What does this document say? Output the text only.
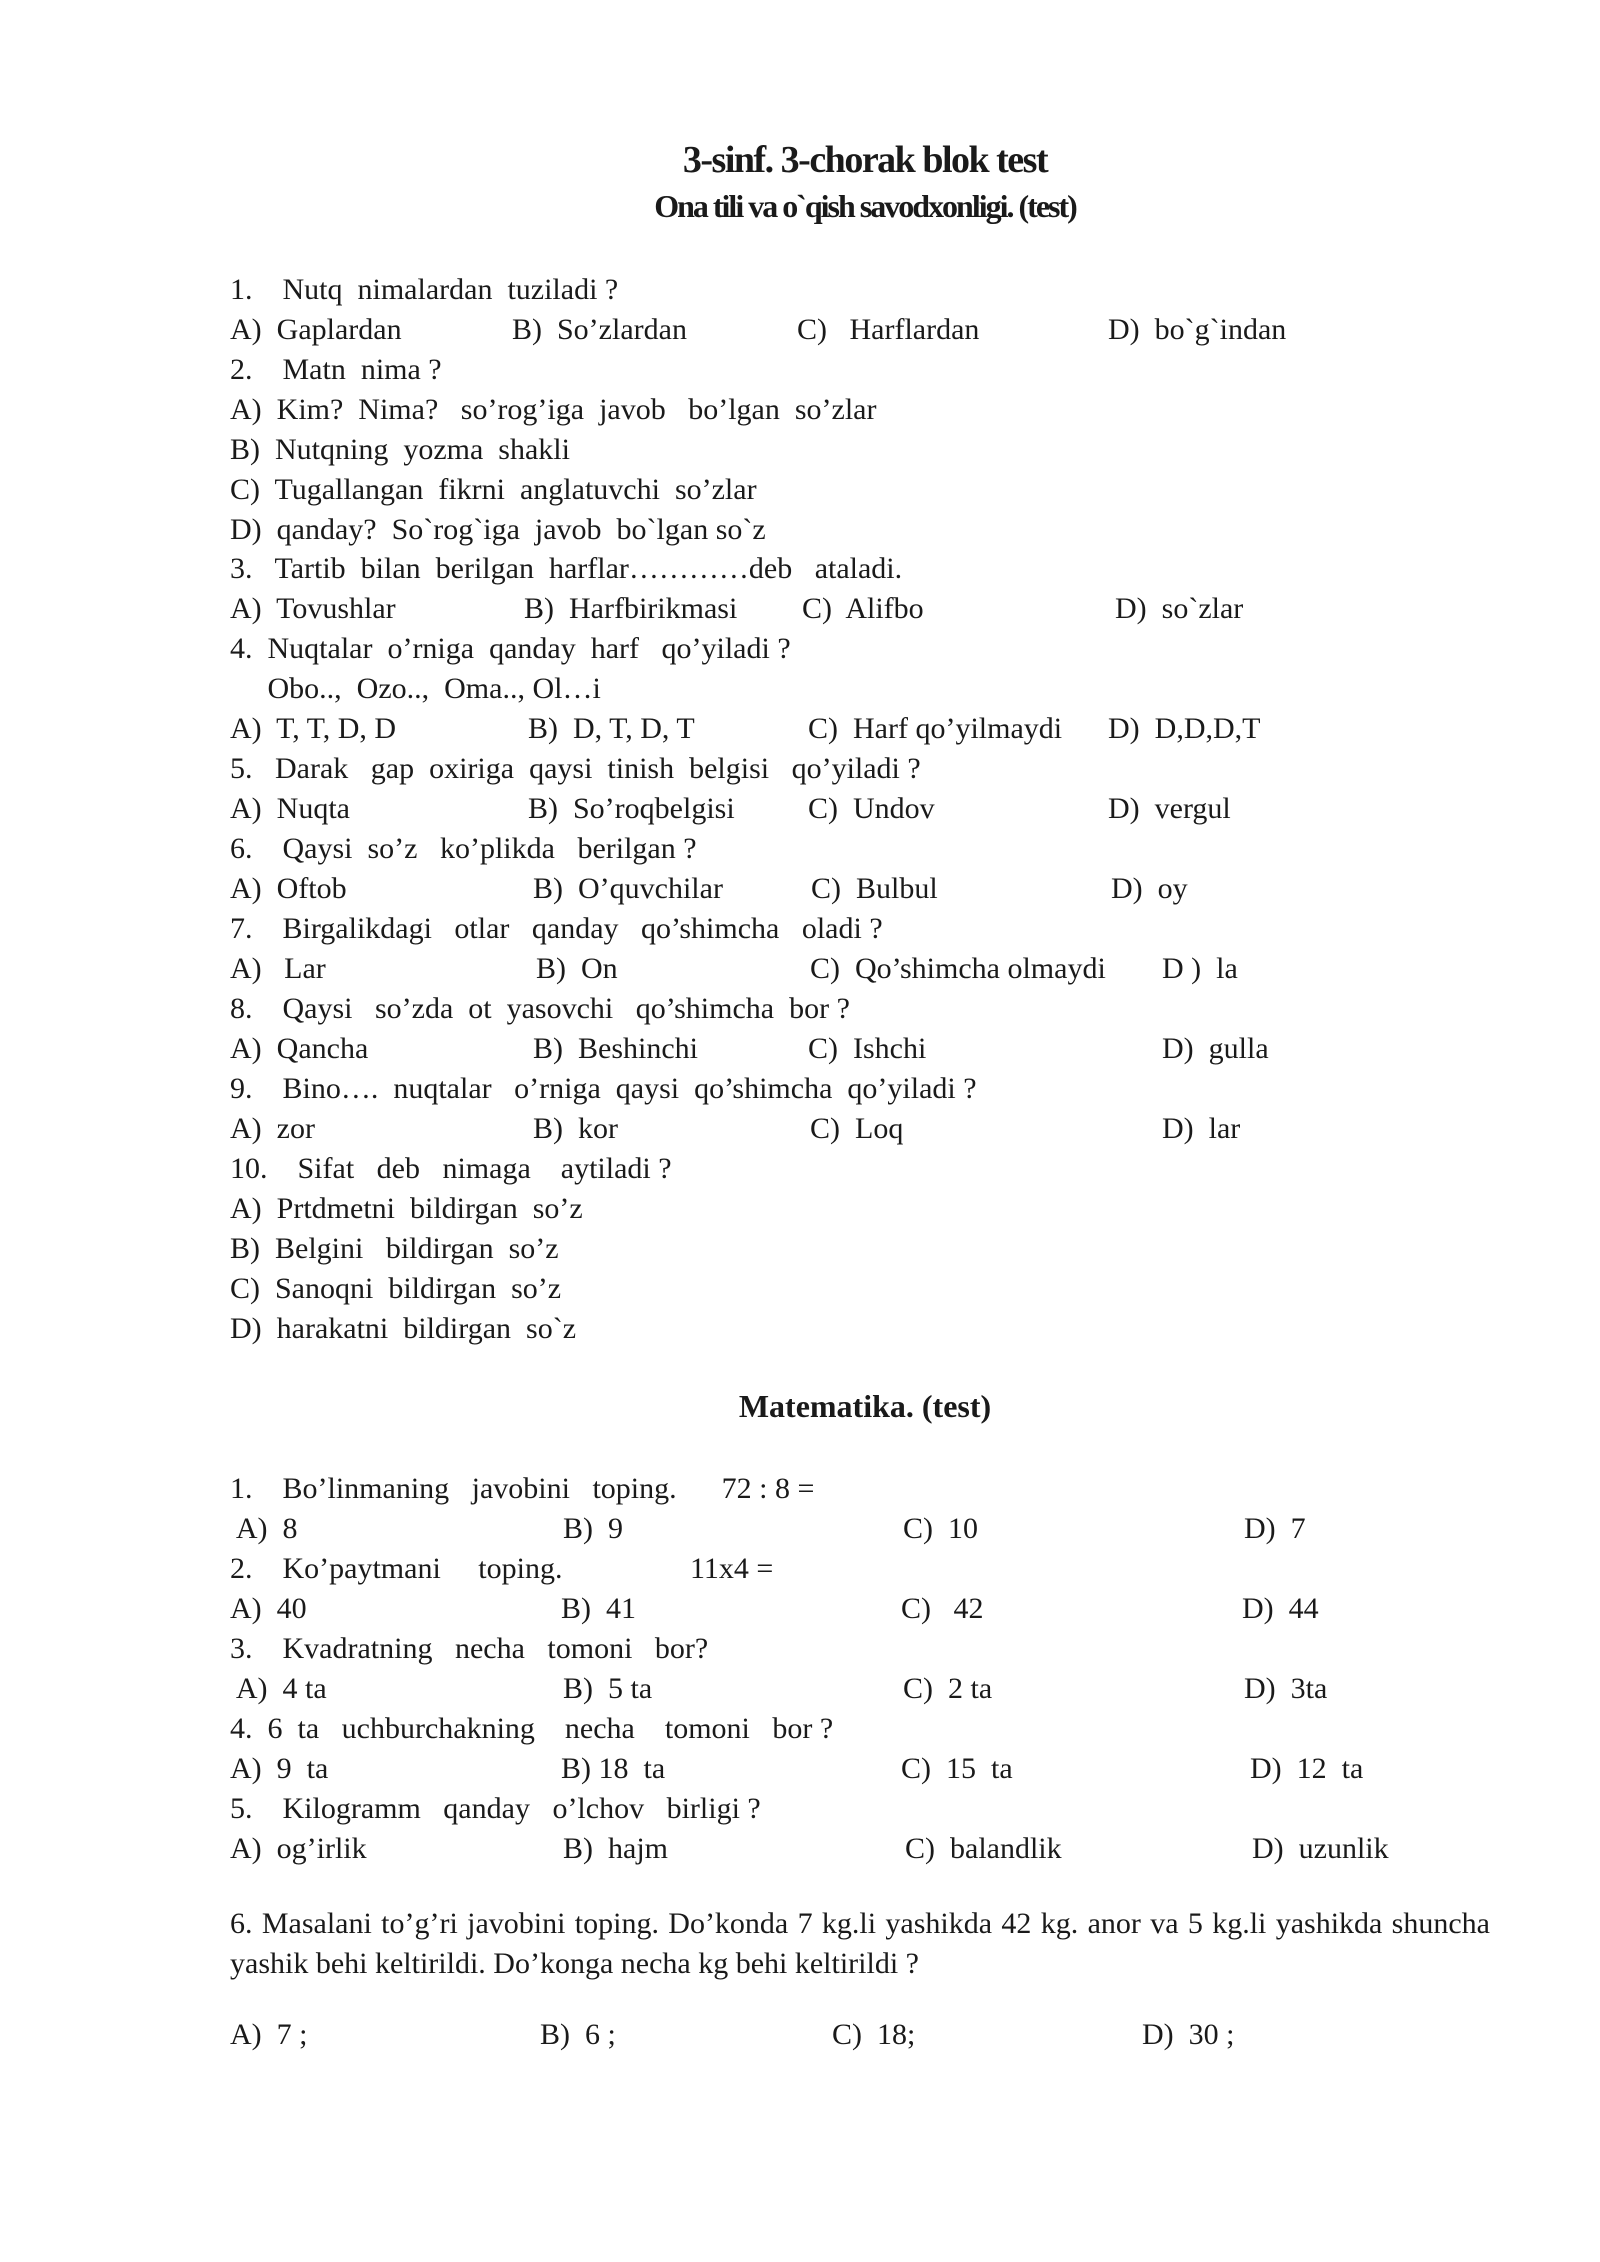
3-sinf. 3-chorak blok test
Ona tili va o`qish savodxonligi. (test)
1.    Nutq  nimalardan  tuziladi ?
A)  Gaplardan	B)  So’zlardan	C)   Harflardan	D)  bo`g`indan
2.    Matn  nima ?
A)  Kim?  Nima?   so’rog’iga  javob   bo’lgan  so’zlar
B)  Nutqning  yozma  shakli
C)  Tugallangan  fikrni  anglatuvchi  so’zlar
D)  qanday?  So`rog`iga  javob  bo`lgan so`z
3.   Tartib  bilan  berilgan  harflar…………deb   ataladi.
A)  Tovushlar	B)  Harfbirikmasi C)  Alifbo	D)  so`zlar
4.  Nuqtalar  o’rniga  qanday  harf   qo’yiladi ?
Obo..,  Ozo..,  Oma.., Ol…i
A)  T, T, D, D	B)  D, T, D, T	C)  Harf qo’yilmaydi D)  D,D,D,T
5.   Darak   gap  oxiriga  qaysi  tinish  belgisi   qo’yiladi ?
A)  Nuqta	B)  So’roqbelgisi C)  Undov	D)  vergul
6.    Qaysi  so’z   ko’plikda   berilgan ?
A)  Oftob	B)  O’quvchilar	C)  Bulbul	D)  oy
7.    Birgalikdagi   otlar   qanday   qo’shimcha   oladi ?
A)   Lar	B)  On	C)  Qo’shimcha olmaydi D )  la
8.    Qaysi   so’zda  ot  yasovchi   qo’shimcha  bor ?
A)  Qancha	B)  Beshinchi	C)  Ishchi	D)  gulla
9.    Bino….  nuqtalar   o’rniga  qaysi  qo’shimcha  qo’yiladi ?
A)  zor	B)  kor	C)  Loq	D)  lar
10.    Sifat   deb   nimaga    aytiladi ?
A)  Prtdmetni  bildirgan  so’z
B)  Belgini   bildirgan  so’z
C)  Sanoqni  bildirgan  so’z
D)  harakatni  bildirgan  so`z
Matematika. (test)
1.    Bo’linmaning   javobini   toping.      72 : 8 =
A)  8	B)  9	C)  10	D)  7
2.    Ko’paytmani     toping.                 11x4 =
A)  40	B)  41	C)   42	D)  44
3.    Kvadratning   necha   tomoni   bor?
A)  4 ta	B)  5 ta	C)  2 ta	D)  3ta
4.  6  ta   uchburchakning    necha    tomoni   bor ?
A)  9  ta	B) 18  ta	C)  15  ta	D)  12  ta
5.    Kilogramm   qanday   o’lchov   birligi ?
A)  og’irlik	B)  hajm	C)  balandlik	D)  uzunlik
6. Masalani to’g’ri javobini toping. Do’konda 7 kg.li yashikda 42 kg. anor va 5 kg.li yashikda shuncha yashik behi keltirildi. Do’konga necha kg behi keltirildi ?
A)  7 ;	B)  6 ;	C)  18;	D)  30 ;
